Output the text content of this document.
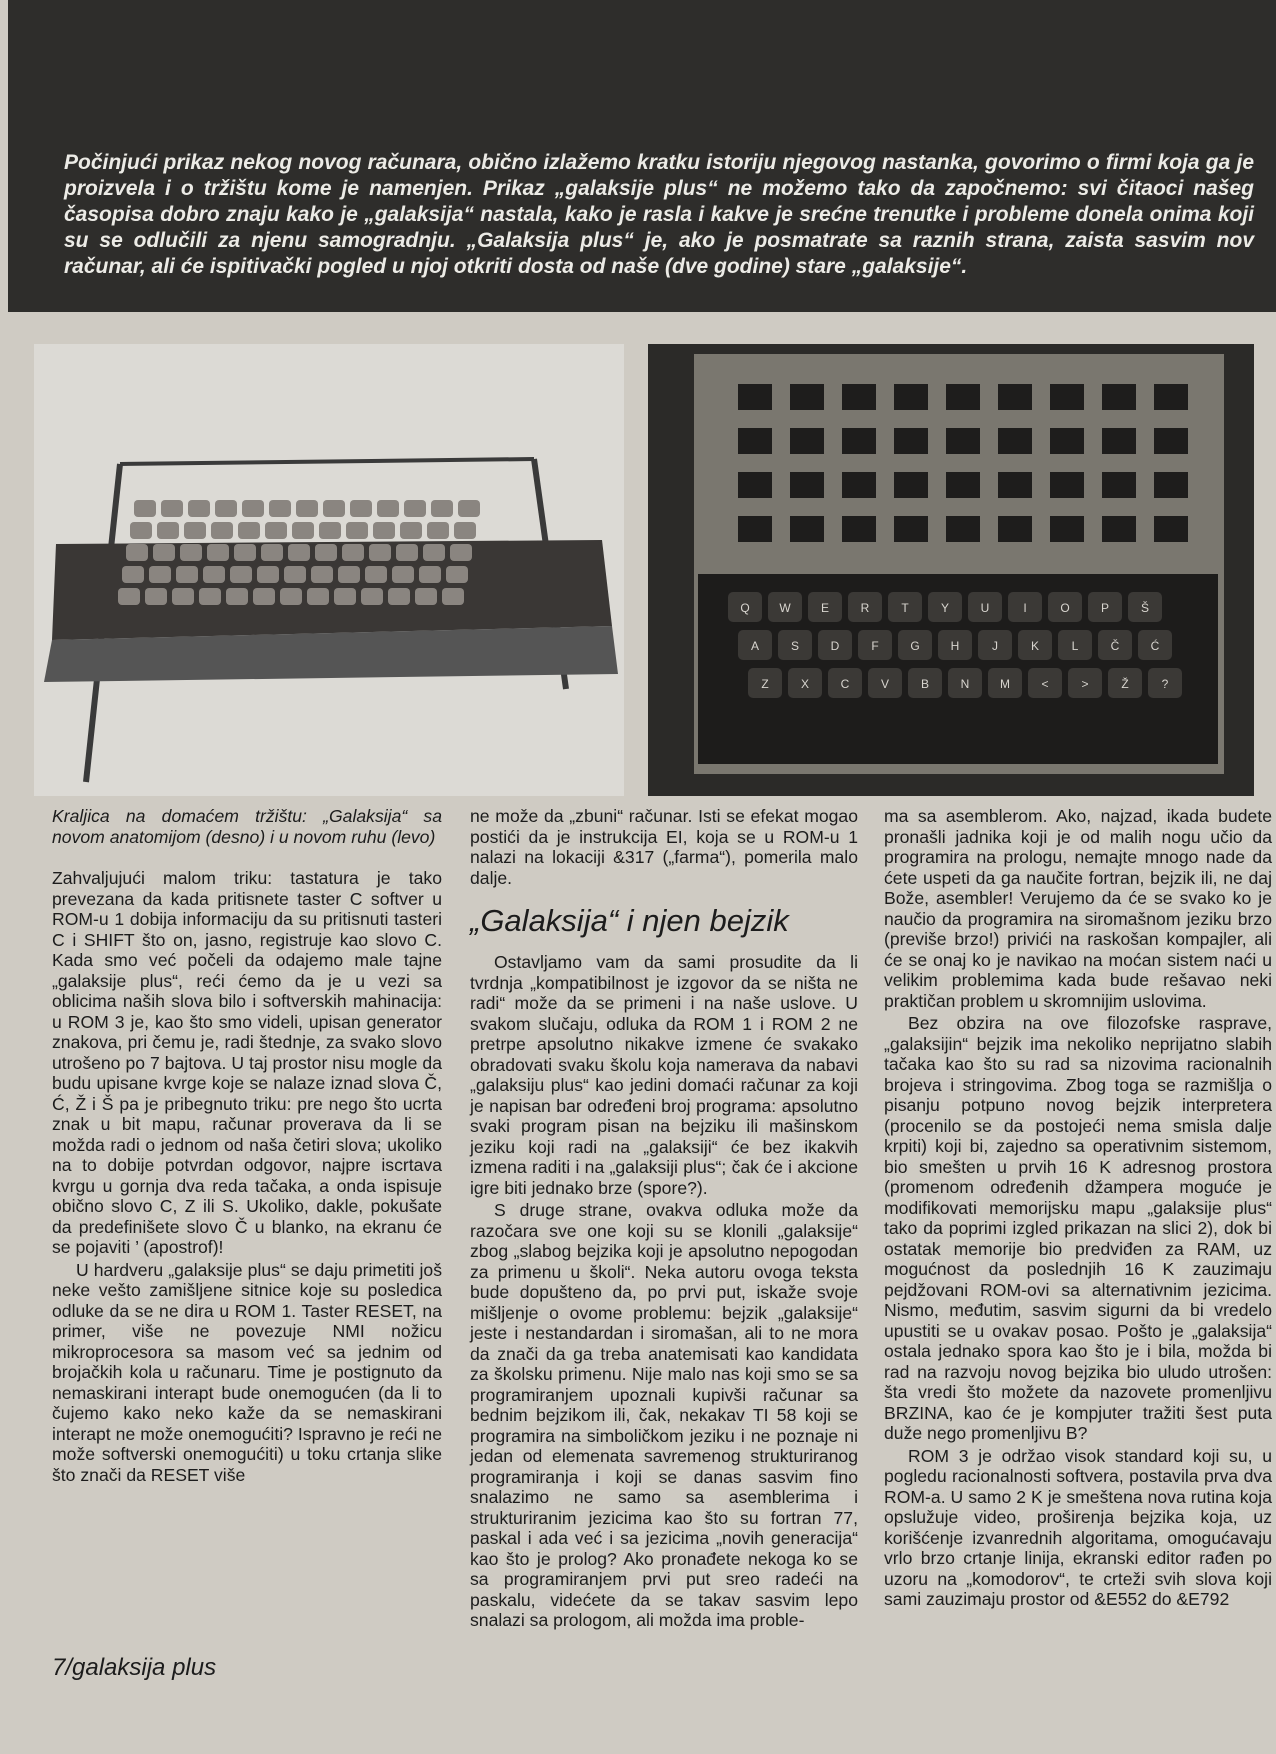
Počinjući prikaz nekog novog računara, obično izlažemo kratku istoriju njegovog nastanka, govorimo o firmi koja ga je proizvela i o tržištu kome je namenjen. Prikaz „galaksije plus“ ne možemo tako da započnemo: svi čitaoci našeg časopisa dobro znaju kako je „galaksija“ nastala, kako je rasla i kakve je srećne trenutke i probleme donela onima koji su se odlučili za njenu samogradnju. „Galaksija plus“ je, ako je posmatrate sa raznih strana, zaista sasvim nov računar, ali će ispitivački pogled u njoj otkriti dosta od naše (dve godine) stare „galaksije“.

Q W	E	R	T	Y	U	I	O	P	Š
A	S	D	F	G	H	J	K	L	Č	Ć
Z	X	C	V	B	N	M	<	>	Ž	?

Kraljica na domaćem tržištu: „Galaksija“ sa novom anatomijom (desno) i u novom ruhu (levo)

Zahvaljujući malom triku: tastatura je tako prevezana da kada pritisnete taster C softver u ROM-u 1 dobija informaciju da su pritisnuti tasteri C i SHIFT što on, jasno, registruje kao slovo C. Kada smo već počeli da odajemo male tajne „galaksije plus“, reći ćemo da je u vezi sa oblicima naših slova bilo i softverskih mahinacija: u ROM 3 je, kao što smo videli, upisan generator znakova, pri čemu je, radi štednje, za svako slovo utrošeno po 7 bajtova. U taj prostor nisu mogle da budu upisane kvrge koje se nalaze iznad slova Č, Ć, Ž i Š pa je pribegnuto triku: pre nego što ucrta znak u bit mapu, računar proverava da li se možda radi o jednom od naša četiri slova; ukoliko na to dobije potvrdan odgovor, najpre iscrtava kvrgu u gornja dva reda tačaka, a onda ispisuje obično slovo C, Z ili S. Ukoliko, dakle, pokušate da predefinišete slovo Č u blanko, na ekranu će se pojaviti ’ (apostrof)!

U hardveru „galaksije plus“ se daju primetiti još neke vešto zamišljene sitnice koje su posledica odluke da se ne dira u ROM 1. Taster RESET, na primer, više ne povezuje NMI nožicu mikroprocesora sa masom već sa jednim od brojačkih kola u računaru. Time je postignuto da nemaskirani interapt bude onemogućen (da li to čujemo kako neko kaže da se nemaskirani interapt ne može onemogućiti? Ispravno je reći ne može softverski onemogućiti) u toku crtanja slike što znači da RESET više

ne može da „zbuni“ računar. Isti se efekat mogao postići da je instrukcija EI, koja se u ROM-u 1 nalazi na lokaciji &317 („farma“), pomerila malo dalje.

„Galaksija“ i njen bejzik

Ostavljamo vam da sami prosudite da li tvrdnja „kompatibilnost je izgovor da se ništa ne radi“ može da se primeni i na naše uslove. U svakom slučaju, odluka da ROM 1 i ROM 2 ne pretrpe apsolutno nikakve izmene će svakako obradovati svaku školu koja namerava da nabavi „galaksiju plus“ kao jedini domaći računar za koji je napisan bar određeni broj programa: apsolutno svaki program pisan na bejziku ili mašinskom jeziku koji radi na „galaksiji“ će bez ikakvih izmena raditi i na „galaksiji plus“; čak će i akcione igre biti jednako brze (spore?).

S druge strane, ovakva odluka može da razočara sve one koji su se klonili „galaksije“ zbog „slabog bejzika koji je apsolutno nepogodan za primenu u školi“. Neka autoru ovoga teksta bude dopušteno da, po prvi put, iskaže svoje mišljenje o ovome problemu: bejzik „galaksije“ jeste i nestandardan i siromašan, ali to ne mora da znači da ga treba anatemisati kao kandidata za školsku primenu. Nije malo nas koji smo se sa programiranjem upoznali kupivši računar sa bednim bejzikom ili, čak, nekakav TI 58 koji se programira na simboličkom jeziku i ne poznaje ni jedan od elemenata savremenog strukturiranog programiranja i koji se danas sasvim fino snalazimo ne samo sa asemblerima i strukturiranim jezicima kao što su fortran 77, paskal i ada već i sa jezicima „novih generacija“ kao što je prolog? Ako pronađete nekoga ko se sa programiranjem prvi put sreo radeći na paskalu, videćete da se takav sasvim lepo snalazi sa prologom, ali možda ima proble-

ma sa asemblerom. Ako, najzad, ikada budete pronašli jadnika koji je od malih nogu učio da programira na prologu, nemajte mnogo nade da ćete uspeti da ga naučite fortran, bejzik ili, ne daj Bože, asembler! Verujemo da će se svako ko je naučio da programira na siromašnom jeziku brzo (previše brzo!) privići na raskošan kompajler, ali će se onaj ko je navikao na moćan sistem naći u velikim problemima kada bude rešavao neki praktičan problem u skromnijim uslovima.

Bez obzira na ove filozofske rasprave, „galaksijin“ bejzik ima nekoliko neprijatno slabih tačaka kao što su rad sa nizovima racionalnih brojeva i stringovima. Zbog toga se razmišlja o pisanju potpuno novog bejzik interpretera (procenilo se da postojeći nema smisla dalje krpiti) koji bi, zajedno sa operativnim sistemom, bio smešten u prvih 16 K adresnog prostora (promenom određenih džampera moguće je modifikovati memorijsku mapu „galaksije plus“ tako da poprimi izgled prikazan na slici 2), dok bi ostatak memorije bio predviđen za RAM, uz mogućnost da poslednjih 16 K zauzimaju pejdžovani ROM-ovi sa alternativnim jezicima. Nismo, međutim, sasvim sigurni da bi vredelo upustiti se u ovakav posao. Pošto je „galaksija“ ostala jednako spora kao što je i bila, možda bi rad na razvoju novog bejzika bio uludo utrošen: šta vredi što možete da nazovete promenljivu BRZINA, kao će je kompjuter tražiti šest puta duže nego promenljivu B?

ROM 3 je održao visok standard koji su, u pogledu racionalnosti softvera, postavila prva dva ROM-a. U samo 2 K je smeštena nova rutina koja opslužuje video, proširenja bejzika koja, uz korišćenje izvanrednih algoritama, omogućavaju vrlo brzo crtanje linija, ekranski editor rađen po uzoru na „komodorov“, te crteži svih slova koji sami zauzimaju prostor od &E552 do &E792

7/galaksija plus
